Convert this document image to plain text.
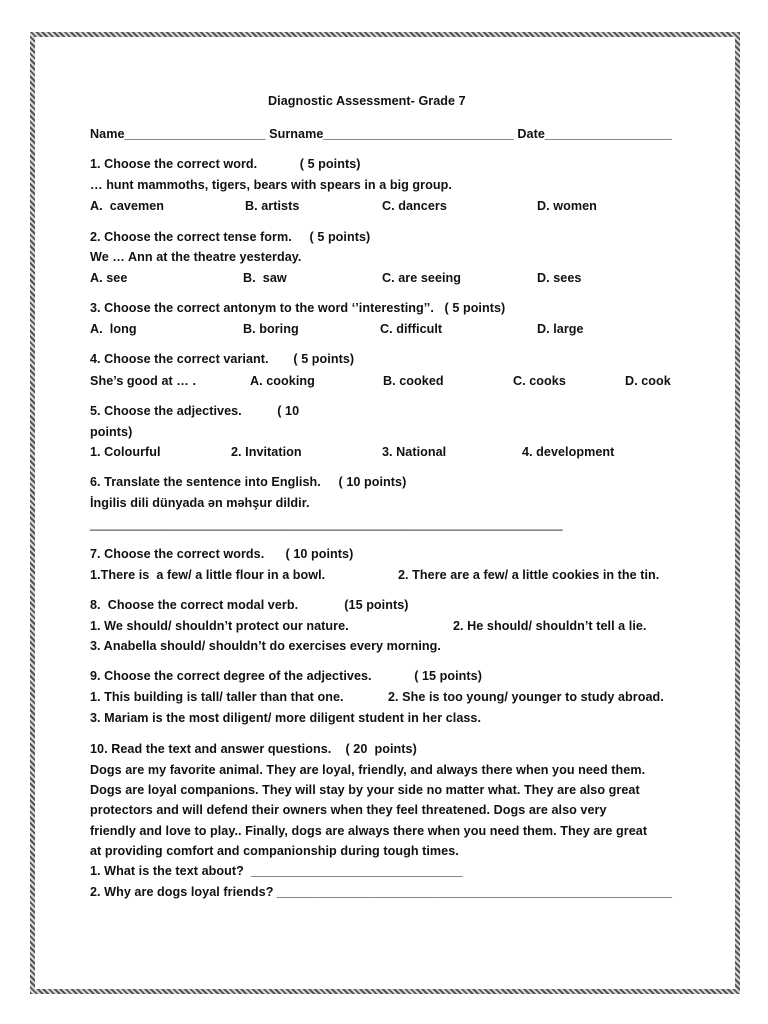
Diagnostic Assessment- Grade 7
Name____________________ Surname___________________________ Date__________________
1. Choose the correct word.            ( 5 points)
… hunt mammoths, tigers, bears with spears in a big group.
A.  cavemen	B. artists	C. dancers	D. women
2. Choose the correct tense form.     ( 5 points)
We … Ann at the theatre yesterday.
A. see	B.  saw	C. are seeing	D. sees
3. Choose the correct antonym to the word ‘’interesting’’.   ( 5 points)
A.  long	B. boring	C. difficult	D. large
4. Choose the correct variant.       ( 5 points)
She’s good at … .	A. cooking	B. cooked	C. cooks	D. cook
5. Choose the adjectives.          ( 10
points)
1. Colourful	2. Invitation	3. National	4. development
6. Translate the sentence into English.     ( 10 points)
İngilis dili dünyada ən məhşur dildir.
___________________________________________________________________
7. Choose the correct words.      ( 10 points)
1.There is  a few/ a little flour in a bowl.	2. There are a few/ a little cookies in the tin.
8.  Choose the correct modal verb.             (15 points)
1. We should/ shouldn’t protect our nature.	2. He should/ shouldn’t tell a lie.
3. Anabella should/ shouldn’t do exercises every morning.
9. Choose the correct degree of the adjectives.            ( 15 points)
1. This building is tall/ taller than that one.	2. She is too young/ younger to study abroad.
3. Mariam is the most diligent/ more diligent student in her class.
10. Read the text and answer questions.    ( 20  points)
Dogs are my favorite animal. They are loyal, friendly, and always there when you need them.
Dogs are loyal companions. They will stay by your side no matter what. They are also great
protectors and will defend their owners when they feel threatened. Dogs are also very
friendly and love to play.. Finally, dogs are always there when you need them. They are great
at providing comfort and companionship during tough times.
1. What is the text about?  ______________________________
2. Why are dogs loyal friends? ________________________________________________________
